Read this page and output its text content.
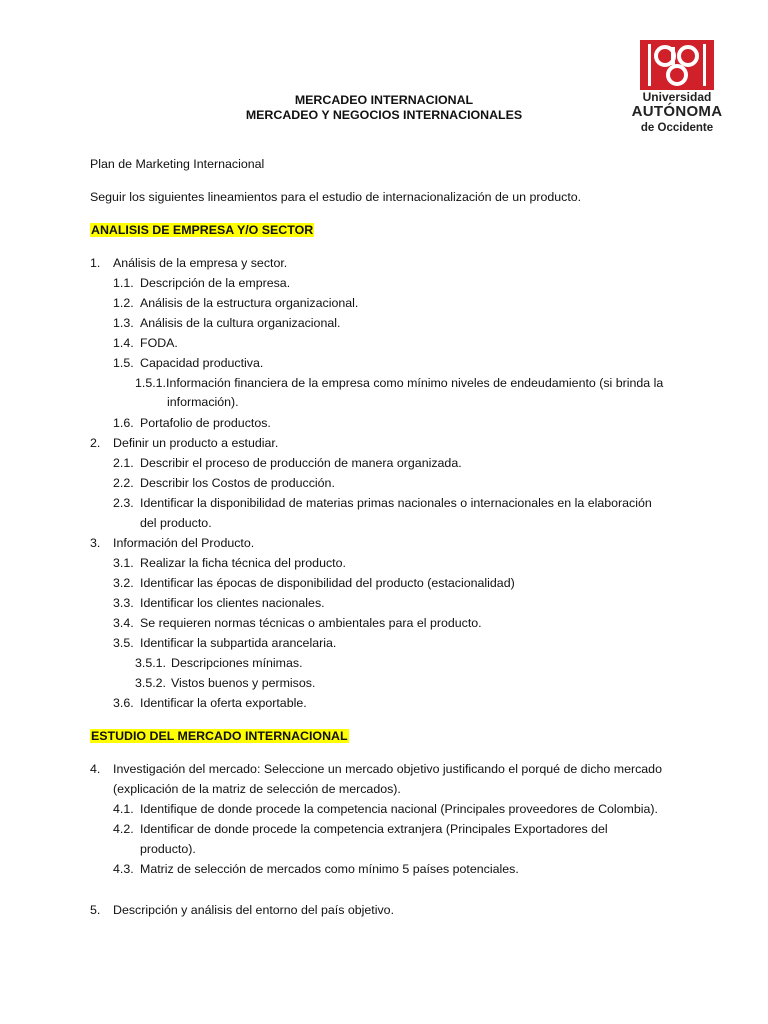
Universidad
AUTÓNOMA
de Occidente
MERCADEO INTERNACIONAL
MERCADEO Y NEGOCIOS INTERNACIONALES
Plan de Marketing Internacional
Seguir los siguientes lineamientos para el estudio de internacionalización de un producto.
ANALISIS DE EMPRESA Y/O SECTOR
1. Análisis de la empresa y sector.
1.1. Descripción de la empresa.
1.2. Análisis de la estructura organizacional.
1.3. Análisis de la cultura organizacional.
1.4. FODA.
1.5. Capacidad productiva.
1.5.1.Información financiera de la empresa como mínimo niveles de endeudamiento (si brinda la
información).
1.6. Portafolio de productos.
2. Definir un producto a estudiar.
2.1. Describir el proceso de producción de manera organizada.
2.2. Describir los Costos de producción.
2.3. Identificar la disponibilidad de materias primas nacionales o internacionales en la elaboración
del producto.
3. Información del Producto.
3.1. Realizar la ficha técnica del producto.
3.2. Identificar las épocas de disponibilidad del producto (estacionalidad)
3.3. Identificar los clientes nacionales.
3.4. Se requieren normas técnicas o ambientales para el producto.
3.5. Identificar la subpartida arancelaria.
3.5.1. Descripciones mínimas.
3.5.2. Vistos buenos y permisos.
3.6. Identificar la oferta exportable.
ESTUDIO DEL MERCADO INTERNACIONAL
4. Investigación del mercado: Seleccione un mercado objetivo justificando el porqué de dicho mercado
(explicación de la matriz de selección de mercados).
4.1. Identifique de donde procede la competencia nacional (Principales proveedores de Colombia).
4.2. Identificar de donde procede la competencia extranjera (Principales Exportadores del
producto).
4.3. Matriz de selección de mercados como mínimo 5 países potenciales.
5. Descripción y análisis del entorno del país objetivo.
